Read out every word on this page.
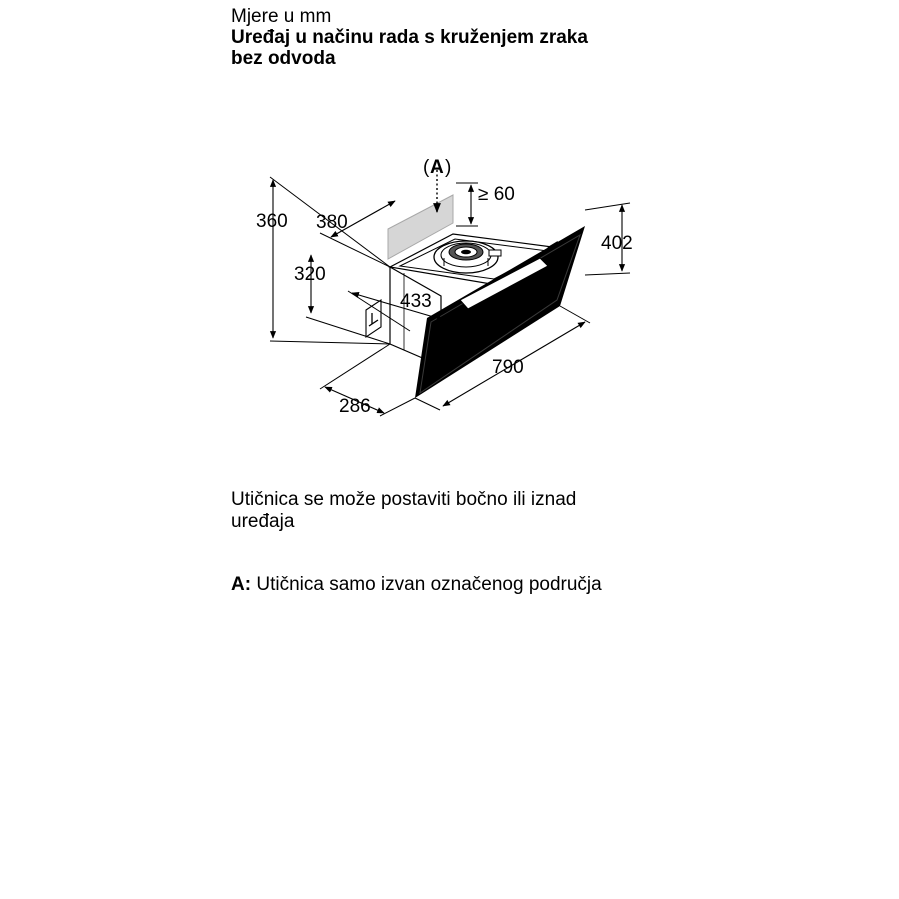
Mjere u mm
Uređaj u načinu rada s kruženjem zraka
bez odvoda
( A )
≥ 60
360 380
320
433
402
790
286
Utičnica se može postaviti bočno ili iznad
uređaja
A: Utičnica samo izvan označenog područja
